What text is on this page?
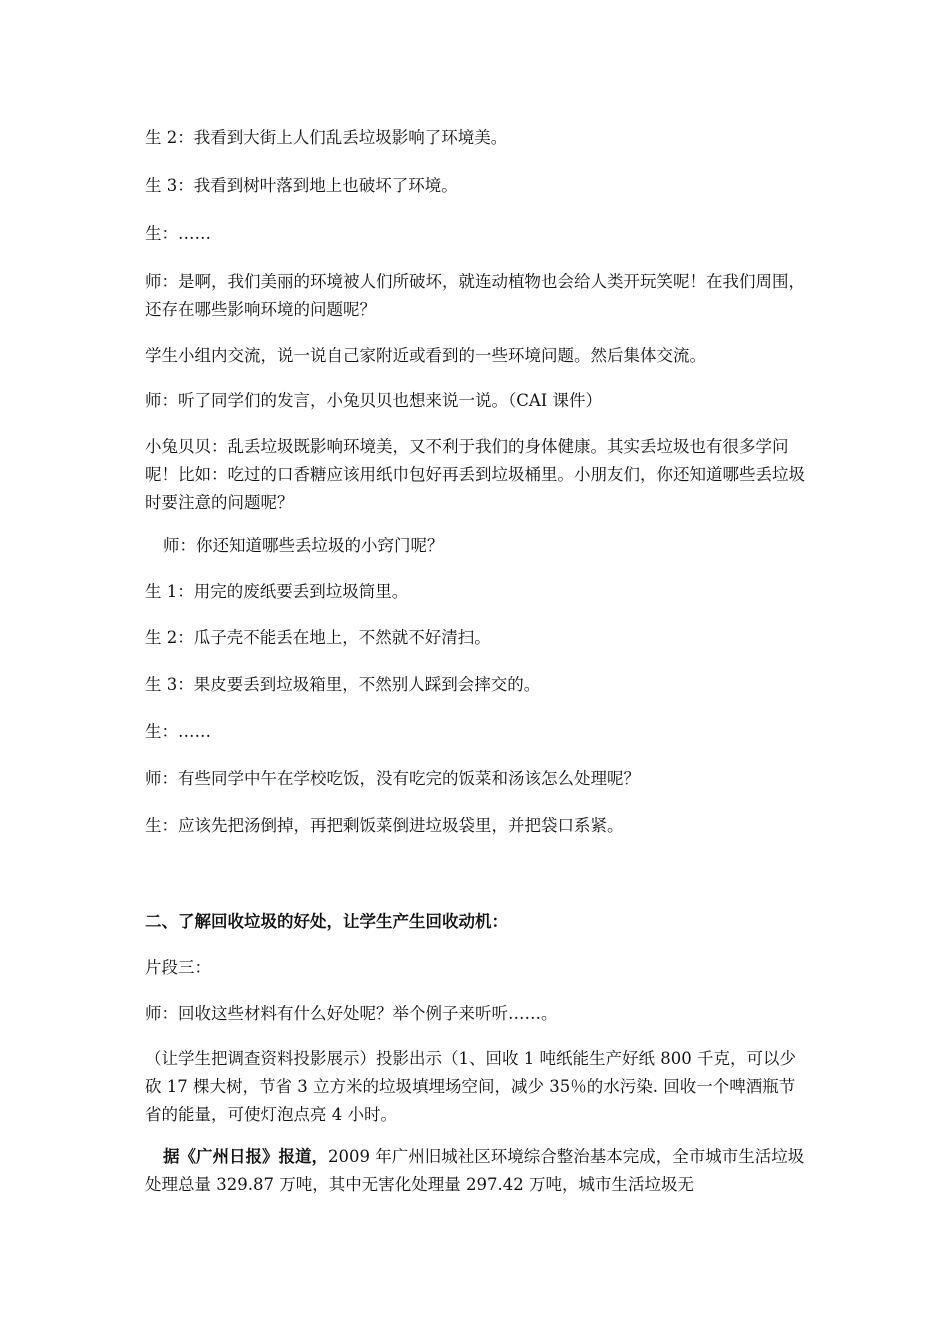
生 2：我看到大街上人们乱丢垃圾影响了环境美。

生 3：我看到树叶落到地上也破坏了环境。

生：……

师：是啊，我们美丽的环境被人们所破坏，就连动植物也会给人类开玩笑呢！在我们周围，还存在哪些影响环境的问题呢？

学生小组内交流，说一说自己家附近或看到的一些环境问题。然后集体交流。

师：听了同学们的发言，小兔贝贝也想来说一说。（CAI 课件）

小兔贝贝：乱丢垃圾既影响环境美，又不利于我们的身体健康。其实丢垃圾也有很多学问呢！比如：吃过的口香糖应该用纸巾包好再丢到垃圾桶里。小朋友们，你还知道哪些丢垃圾时要注意的问题呢？

师：你还知道哪些丢垃圾的小窍门呢？

生 1：用完的废纸要丢到垃圾筒里。

生 2：瓜子壳不能丢在地上，不然就不好清扫。

生 3：果皮要丢到垃圾箱里，不然别人踩到会摔交的。

生：……

师：有些同学中午在学校吃饭，没有吃完的饭菜和汤该怎么处理呢？

生：应该先把汤倒掉，再把剩饭菜倒进垃圾袋里，并把袋口系紧。

二、了解回收垃圾的好处，让学生产生回收动机：

片段三：

师：回收这些材料有什么好处呢？举个例子来听听……。

（让学生把调查资料投影展示）投影出示（1、回收 1 吨纸能生产好纸 800 千克，可以少砍 17 棵大树，节省 3 立方米的垃圾填埋场空间，减少 35％的水污染. 回收一个啤酒瓶节省的能量，可使灯泡点亮 4 小时。

据《广州日报》报道，2009 年广州旧城社区环境综合整治基本完成，全市城市生活垃圾处理总量 329.87 万吨，其中无害化处理量 297.42 万吨，城市生活垃圾无
